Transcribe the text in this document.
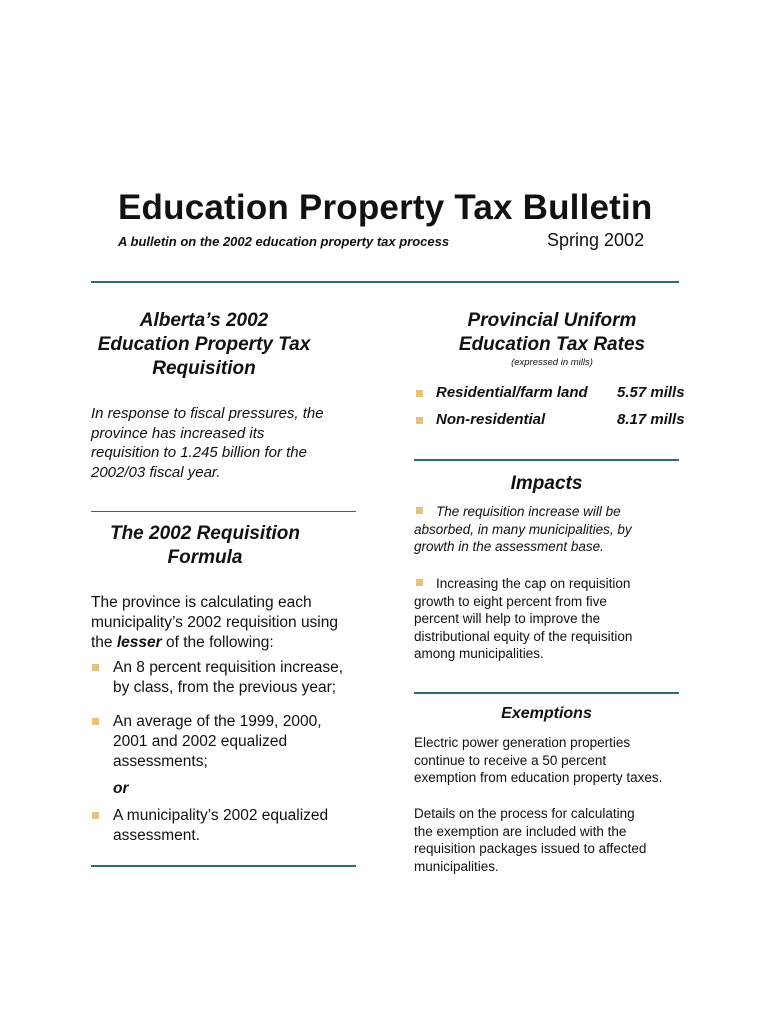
Education Property Tax Bulletin
A bulletin on the 2002 education property tax process	Spring 2002
Alberta’s 2002
Education Property Tax
Requisition
In response to fiscal pressures, the
province has increased its
requisition to 1.245 billion for the
2002/03 fiscal year.
The 2002 Requisition
Formula
The province is calculating each
municipality’s 2002 requisition using
the lesser of the following:
An 8 percent requisition increase,
by class, from the previous year;
An average of the 1999, 2000,
2001 and 2002 equalized
assessments;
or
A municipality’s 2002 equalized
assessment.
Provincial Uniform
Education Tax Rates
(expressed in mills)
Residential/farm land 5.57 mills
Non-residential	8.17 mills
Impacts
The requisition increase will be
absorbed, in many municipalities, by
growth in the assessment base.
Increasing the cap on requisition
growth to eight percent from five
percent will help to improve the
distributional equity of the requisition
among municipalities.
Exemptions
Electric power generation properties
continue to receive a 50 percent
exemption from education property taxes.
Details on the process for calculating
the exemption are included with the
requisition packages issued to affected
municipalities.
